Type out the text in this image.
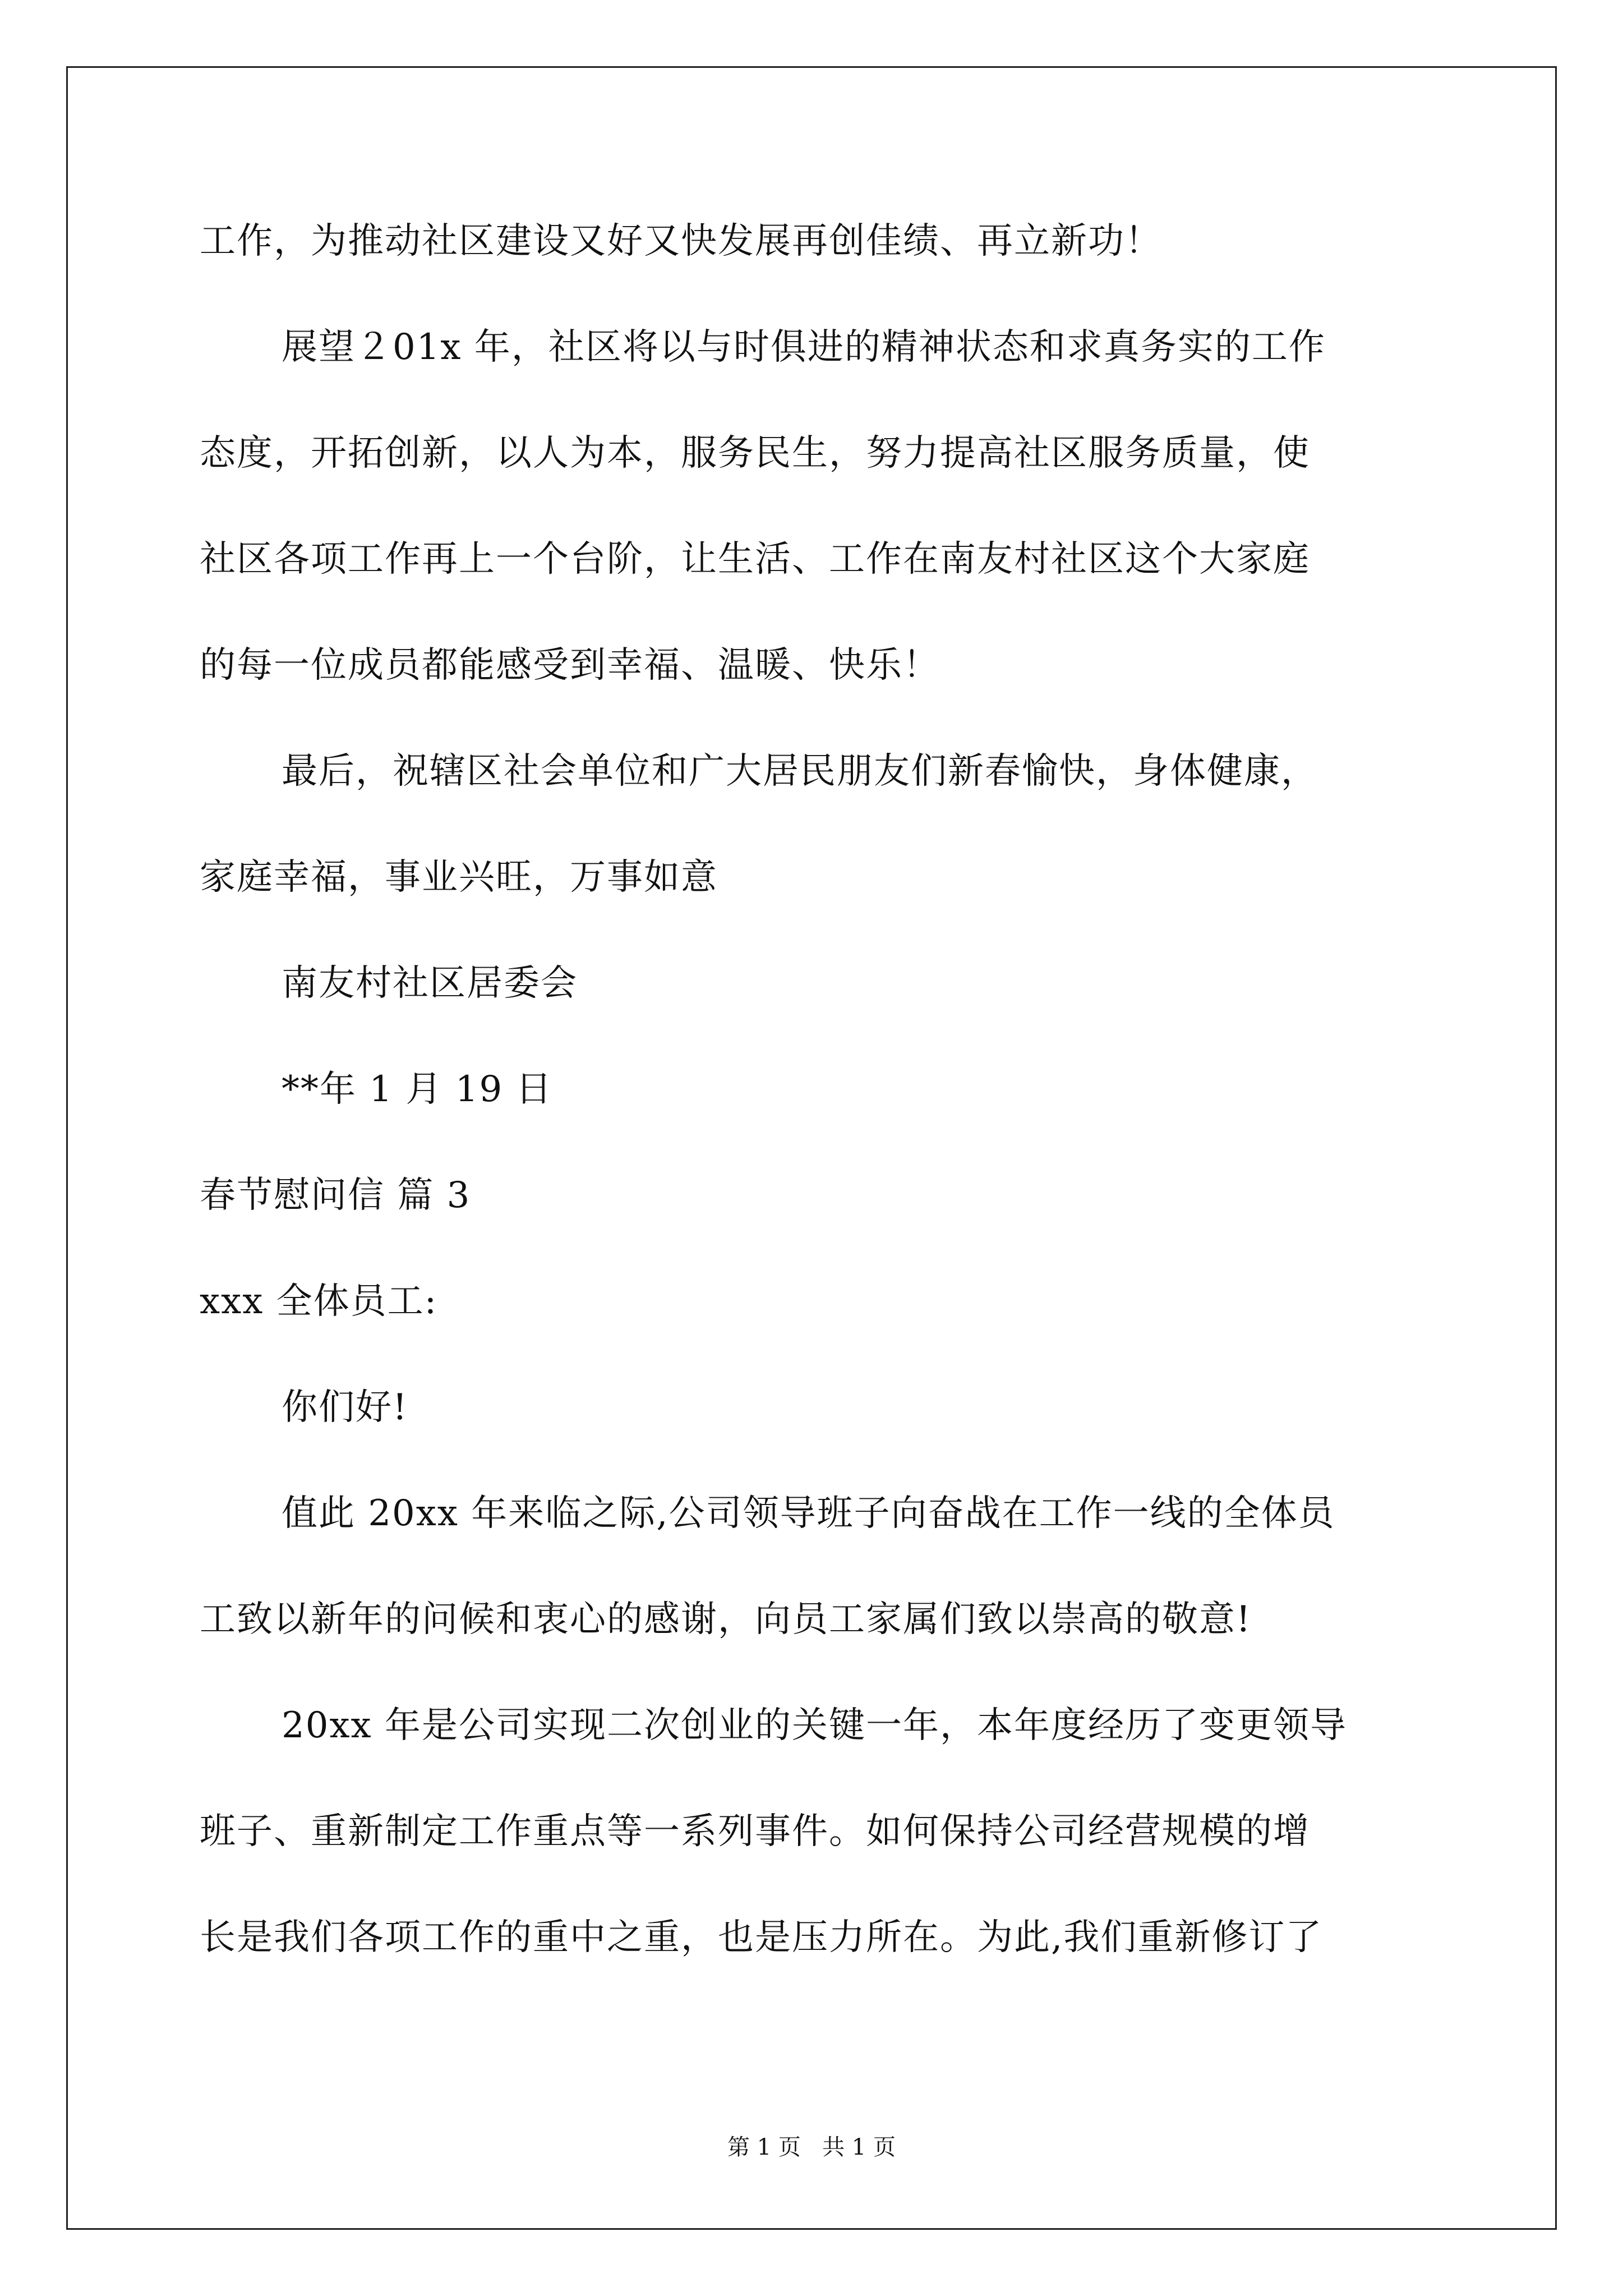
工作，为推动社区建设又好又快发展再创佳绩、再立新功！
展望２01x 年，社区将以与时俱进的精神状态和求真务实的工作
态度，开拓创新，以人为本，服务民生，努力提高社区服务质量，使
社区各项工作再上一个台阶，让生活、工作在南友村社区这个大家庭
的每一位成员都能感受到幸福、温暖、快乐！
最后，祝辖区社会单位和广大居民朋友们新春愉快，身体健康，
家庭幸福，事业兴旺，万事如意
南友村社区居委会
**年 1 月 19 日
春节慰问信 篇 3
xxx 全体员工:
你们好!
值此 20xx 年来临之际,公司领导班子向奋战在工作一线的全体员
工致以新年的问候和衷心的感谢，向员工家属们致以崇高的敬意!
20xx 年是公司实现二次创业的关键一年，本年度经历了变更领导
班子、重新制定工作重点等一系列事件。如何保持公司经营规模的增
长是我们各项工作的重中之重，也是压力所在。为此,我们重新修订了
第 1 页   共 1 页
